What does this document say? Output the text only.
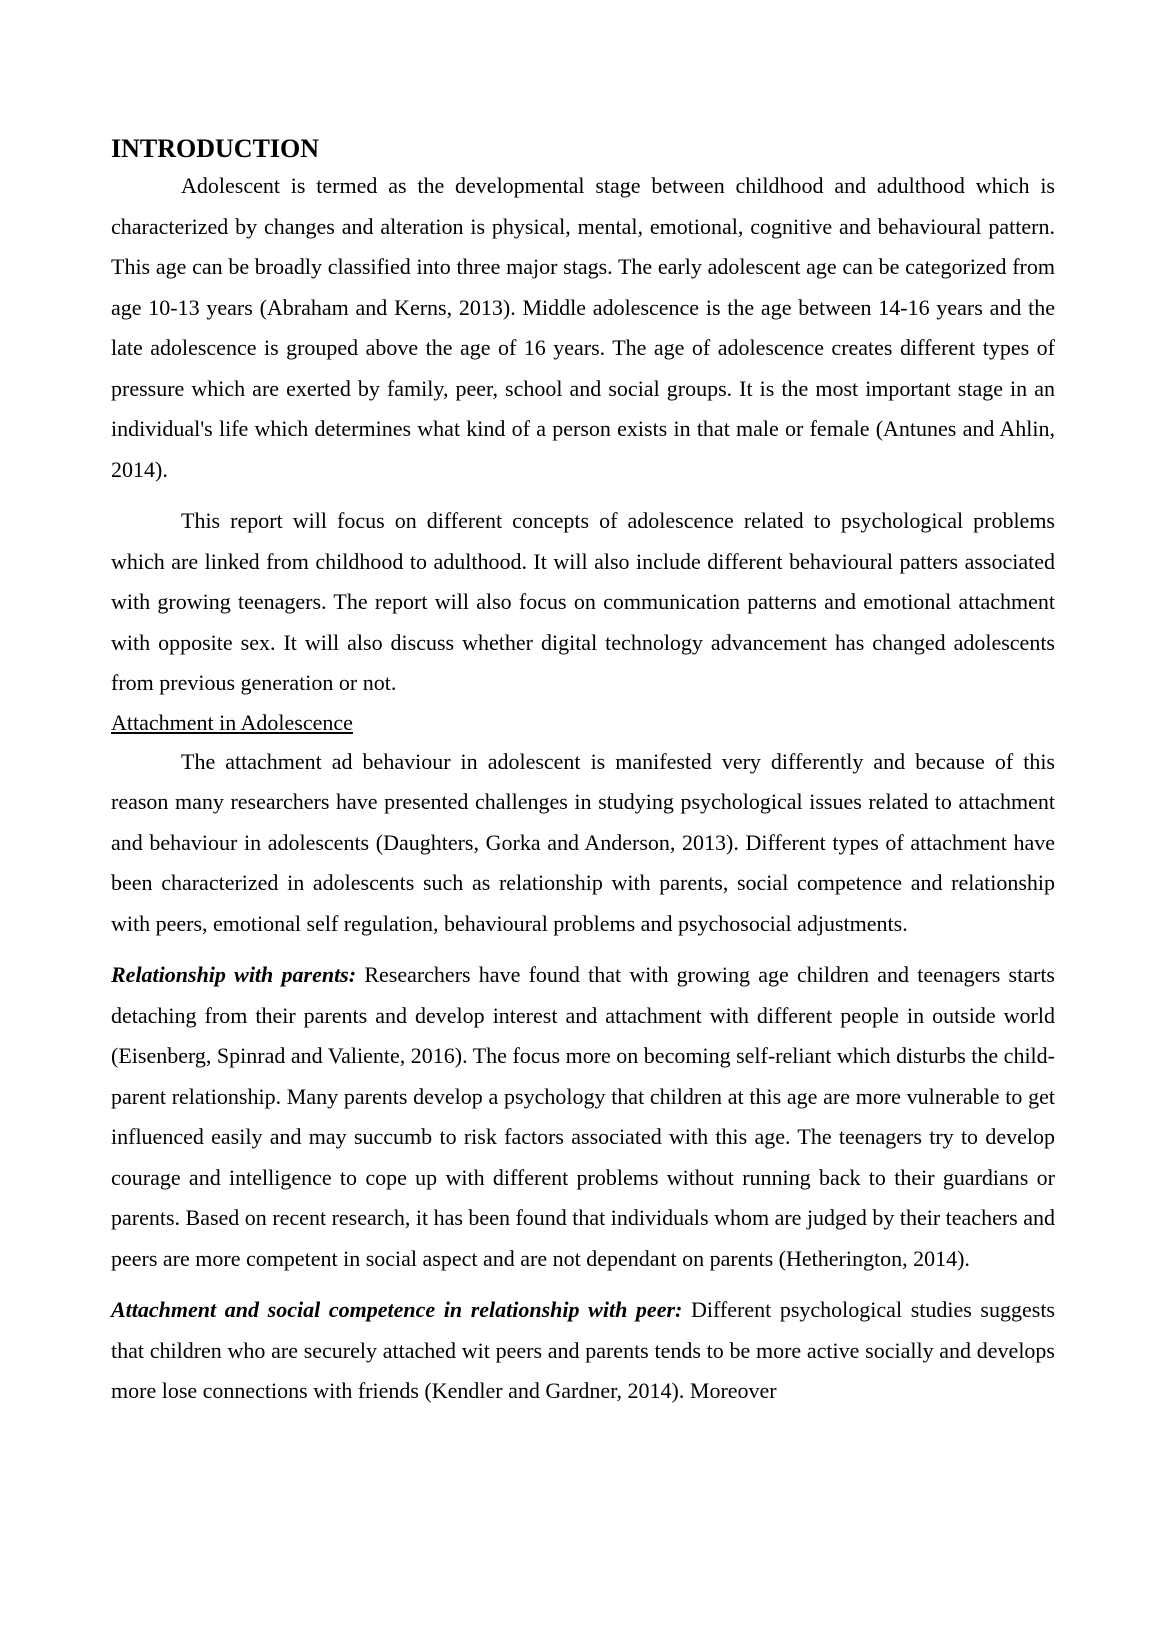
INTRODUCTION

Adolescent is termed as the developmental stage between childhood and adulthood which is characterized by changes and alteration is physical, mental, emotional, cognitive and behavioural pattern. This age can be broadly classified into three major stags. The early adolescent age can be categorized from age 10-13 years (Abraham and Kerns, 2013). Middle adolescence is the age between 14-16 years and the late adolescence is grouped above the age of 16 years. The age of adolescence creates different types of pressure which are exerted by family, peer, school and social groups. It is the most important stage in an individual's life which determines what kind of a person exists in that male or female (Antunes and Ahlin, 2014).

This report will focus on different concepts of adolescence related to psychological problems which are linked from childhood to adulthood. It will also include different behavioural patters associated with growing teenagers. The report will also focus on communication patterns and emotional attachment with opposite sex. It will also discuss whether digital technology advancement has changed adolescents from previous generation or not.

Attachment in Adolescence

The attachment ad behaviour in adolescent is manifested very differently and because of this reason many researchers have presented challenges in studying psychological issues related to attachment and behaviour in adolescents (Daughters, Gorka and Anderson, 2013). Different types of attachment have been characterized in adolescents such as relationship with parents, social competence and relationship with peers, emotional self regulation, behavioural problems and psychosocial adjustments.

Relationship with parents: Researchers have found that with growing age children and teenagers starts detaching from their parents and develop interest and attachment with different people in outside world (Eisenberg, Spinrad and Valiente, 2016). The focus more on becoming self-reliant which disturbs the child-parent relationship. Many parents develop a psychology that children at this age are more vulnerable to get influenced easily and may succumb to risk factors associated with this age. The teenagers try to develop courage and intelligence to cope up with different problems without running back to their guardians or parents. Based on recent research, it has been found that individuals whom are judged by their teachers and peers are more competent in social aspect and are not dependant on parents (Hetherington, 2014).

Attachment and social competence in relationship with peer: Different psychological studies suggests that children who are securely attached wit peers and parents tends to be more active socially and develops more lose connections with friends (Kendler and Gardner, 2014). Moreover
